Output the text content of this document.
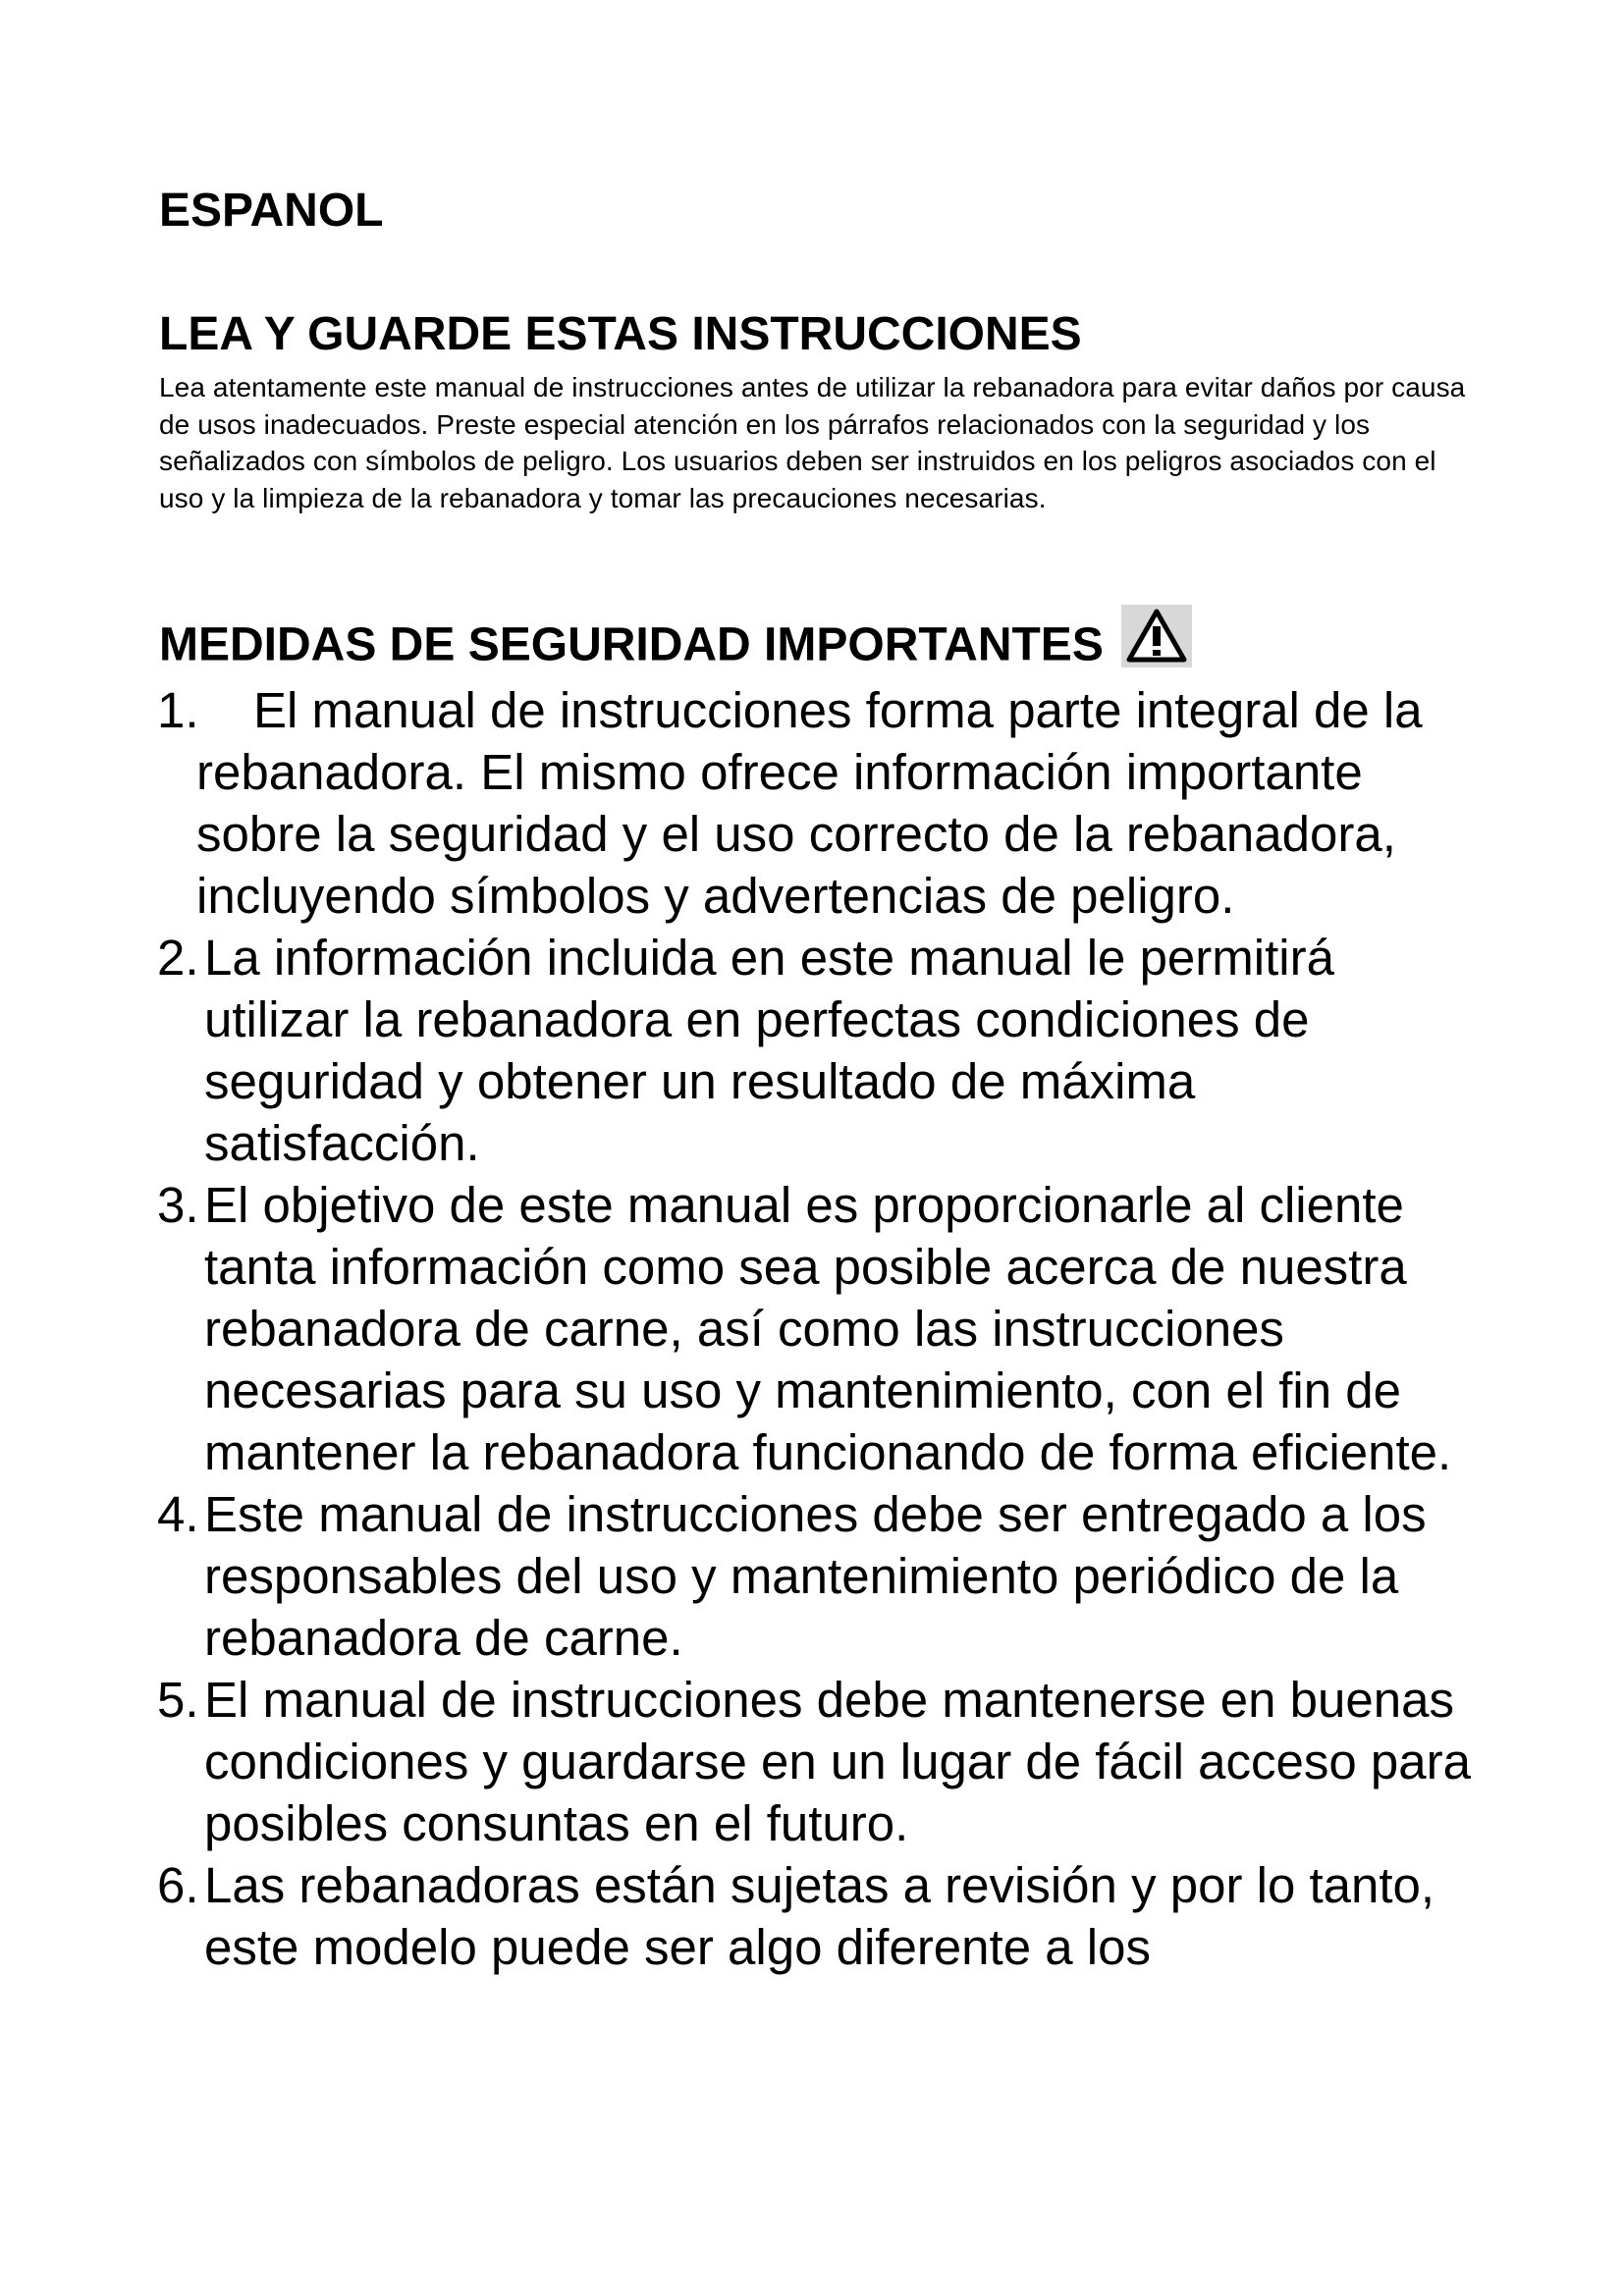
ESPANOL
LEA Y GUARDE ESTAS INSTRUCCIONES

Lea atentamente este manual de instrucciones antes de utilizar la rebanadora para evitar daños por causa de usos inadecuados. Preste especial atención en los párrafos relacionados con la seguridad y los señalizados con símbolos de peligro. Los usuarios deben ser instruidos en los peligros asociados con el uso y la limpieza de la rebanadora y tomar las precauciones necesarias.

MEDIDAS DE SEGURIDAD IMPORTANTES
1. El manual de instrucciones forma parte integral de la
rebanadora. El mismo ofrece información importante sobre la seguridad y el uso correcto de la rebanadora, incluyendo símbolos y advertencias de peligro.
2. La información incluida en este manual le permitirá utilizar la rebanadora en perfectas condiciones de seguridad y obtener un resultado de máxima satisfacción.
3. El objetivo de este manual es proporcionarle al cliente tanta información como sea posible acerca de nuestra rebanadora de carne, así como las instrucciones necesarias para su uso y mantenimiento, con el fin de mantener la rebanadora funcionando de forma eficiente.
4. Este manual de instrucciones debe ser entregado a los responsables del uso y mantenimiento periódico de la rebanadora de carne.
5. El manual de instrucciones debe mantenerse en buenas condiciones y guardarse en un lugar de fácil acceso para posibles consuntas en el futuro.
6. Las rebanadoras están sujetas a revisión y por lo tanto, este modelo puede ser algo diferente a los
